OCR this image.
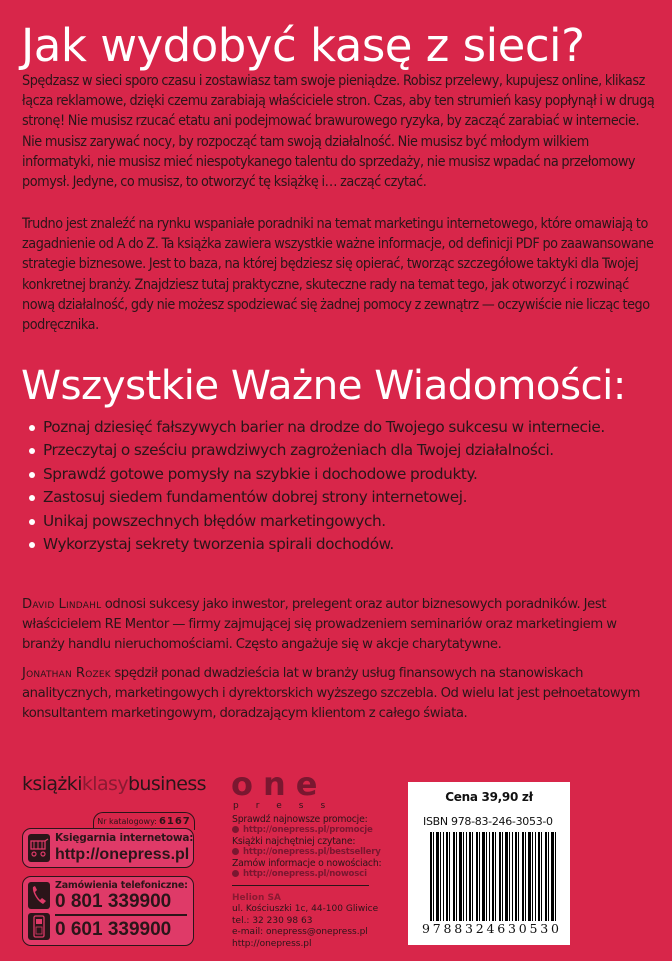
Jak wydobyć kasę z sieci?

Spędzasz w sieci sporo czasu i zostawiasz tam swoje pieniądze. Robisz przelewy, kupujesz online, klikasz łącza reklamowe, dzięki czemu zarabiają właściciele stron. Czas, aby ten strumień kasy popłynął i w drugą stronę! Nie musisz rzucać etatu ani podejmować brawurowego ryzyka, by zacząć zarabiać w internecie. Nie musisz zarywać nocy, by rozpocząć tam swoją działalność. Nie musisz być młodym wilkiem informatyki, nie musisz mieć niespotykanego talentu do sprzedaży, nie musisz wpadać na przełomowy pomysł. Jedyne, co musisz, to otworzyć tę książkę i… zacząć czytać.

Trudno jest znaleźć na rynku wspaniałe poradniki na temat marketingu internetowego, które omawiają to zagadnienie od A do Z. Ta książka zawiera wszystkie ważne informacje, od definicji PDF po zaawansowane strategie biznesowe. Jest to baza, na której będziesz się opierać, tworząc szczegółowe taktyki dla Twojej konkretnej branży. Znajdziesz tutaj praktyczne, skuteczne rady na temat tego, jak otworzyć i rozwinąć nową działalność, gdy nie możesz spodziewać się żadnej pomocy z zewnątrz — oczywiście nie licząc tego podręcznika.

Wszystkie Ważne Wiadomości:
Poznaj dziesięć fałszywych barier na drodze do Twojego sukcesu w internecie.
Przeczytaj o sześciu prawdziwych zagrożeniach dla Twojej działalności.
Sprawdź gotowe pomysły na szybkie i dochodowe produkty.
Zastosuj siedem fundamentów dobrej strony internetowej.
Unikaj powszechnych błędów marketingowych.
Wykorzystaj sekrety tworzenia spirali dochodów.

David Lindahl odnosi sukcesy jako inwestor, prelegent oraz autor biznesowych poradników. Jest właścicielem RE Mentor — firmy zajmującej się prowadzeniem seminariów oraz marketingiem w branży handlu nieruchomościami. Często angażuje się w akcje charytatywne.

Jonathan Rozek spędził ponad dwadzieścia lat w branży usług finansowych na stanowiskach analitycznych, marketingowych i dyrektorskich wyższego szczebla. Od wielu lat jest pełnoetatowym konsultantem marketingowym, doradzającym klientom z całego świata.

książkiklasybusiness
Nr katalogowy: 6167
Księgarnia internetowa:
http://onepress.pl
Zamówienia telefoniczne:
0 801 339900
0 601 339900
one
press
Sprawdź najnowsze promocje:
http://onepress.pl/promocje
Książki najchętniej czytane:
http://onepress.pl/bestsellery
Zamów informacje o nowościach:
http://onepress.pl/nowosci
Helion SA
ul. Kościuszki 1c, 44-100 Gliwice
tel.: 32 230 98 63
e-mail: onepress@onepress.pl
http://onepress.pl
Cena 39,90 zł
ISBN 978-83-246-3053-0
9788324630530
